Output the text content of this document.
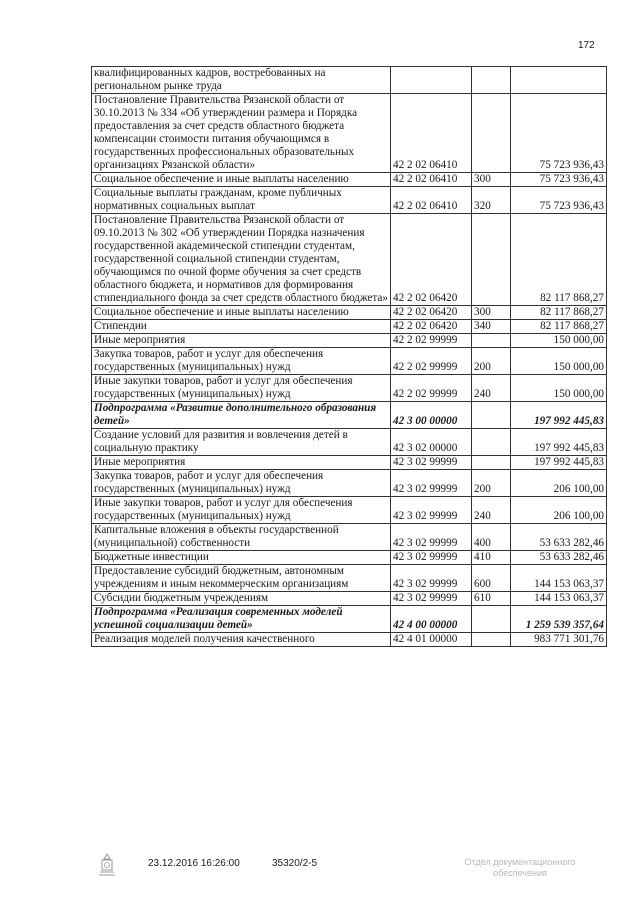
172
квалифицированных кадров, востребованных на региональном рынке труда			
Постановление Правительства Рязанской области от 30.10.2013 № 334 «Об утверждении размера и Порядка предоставления за счет средств областного бюджета компенсации стоимости питания обучающимся в государственных профессиональных образовательных организациях Рязанской области»	42 2 02 06410		75 723 936,43
Социальное обеспечение и иные выплаты населению	42 2 02 06410	300	75 723 936,43
Социальные выплаты гражданам, кроме публичных нормативных социальных выплат	42 2 02 06410	320	75 723 936,43
Постановление Правительства Рязанской области от 09.10.2013 № 302 «Об утверждении Порядка назначения государственной академической стипендии студентам, государственной социальной стипендии студентам, обучающимся по очной форме обучения за счет средств областного бюджета, и нормативов для формирования стипендиального фонда за счет средств областного бюджета»	42 2 02 06420		82 117 868,27
Социальное обеспечение и иные выплаты населению	42 2 02 06420	300	82 117 868,27
Стипендии	42 2 02 06420	340	82 117 868,27
Иные мероприятия	42 2 02 99999		150 000,00
Закупка товаров, работ и услуг для обеспечения государственных (муниципальных) нужд	42 2 02 99999	200	150 000,00
Иные закупки товаров, работ и услуг для обеспечения государственных (муниципальных) нужд	42 2 02 99999	240	150 000,00
Подпрограмма «Развитие дополнительного образования детей»	42 3 00 00000		197 992 445,83
Создание условий для развития и вовлечения детей в социальную практику	42 3 02 00000		197 992 445,83
Иные мероприятия	42 3 02 99999		197 992 445,83
Закупка товаров, работ и услуг для обеспечения государственных (муниципальных) нужд	42 3 02 99999	200	206 100,00
Иные закупки товаров, работ и услуг для обеспечения государственных (муниципальных) нужд	42 3 02 99999	240	206 100,00
Капитальные вложения в объекты государственной (муниципальной) собственности	42 3 02 99999	400	53 633 282,46
Бюджетные инвестиции	42 3 02 99999	410	53 633 282,46
Предоставление субсидий бюджетным, автономным учреждениям и иным некоммерческим организациям	42 3 02 99999	600	144 153 063,37
Субсидии бюджетным учреждениям	42 3 02 99999	610	144 153 063,37
Подпрограмма «Реализация современных моделей успешной социализации детей»	42 4 00 00000		1 259 539 357,64
Реализация моделей получения качественного	42 4 01 00000		983 771 301,76
23.12.2016 16:26:00	35320/2-5	Отдел документационного обеспечения
